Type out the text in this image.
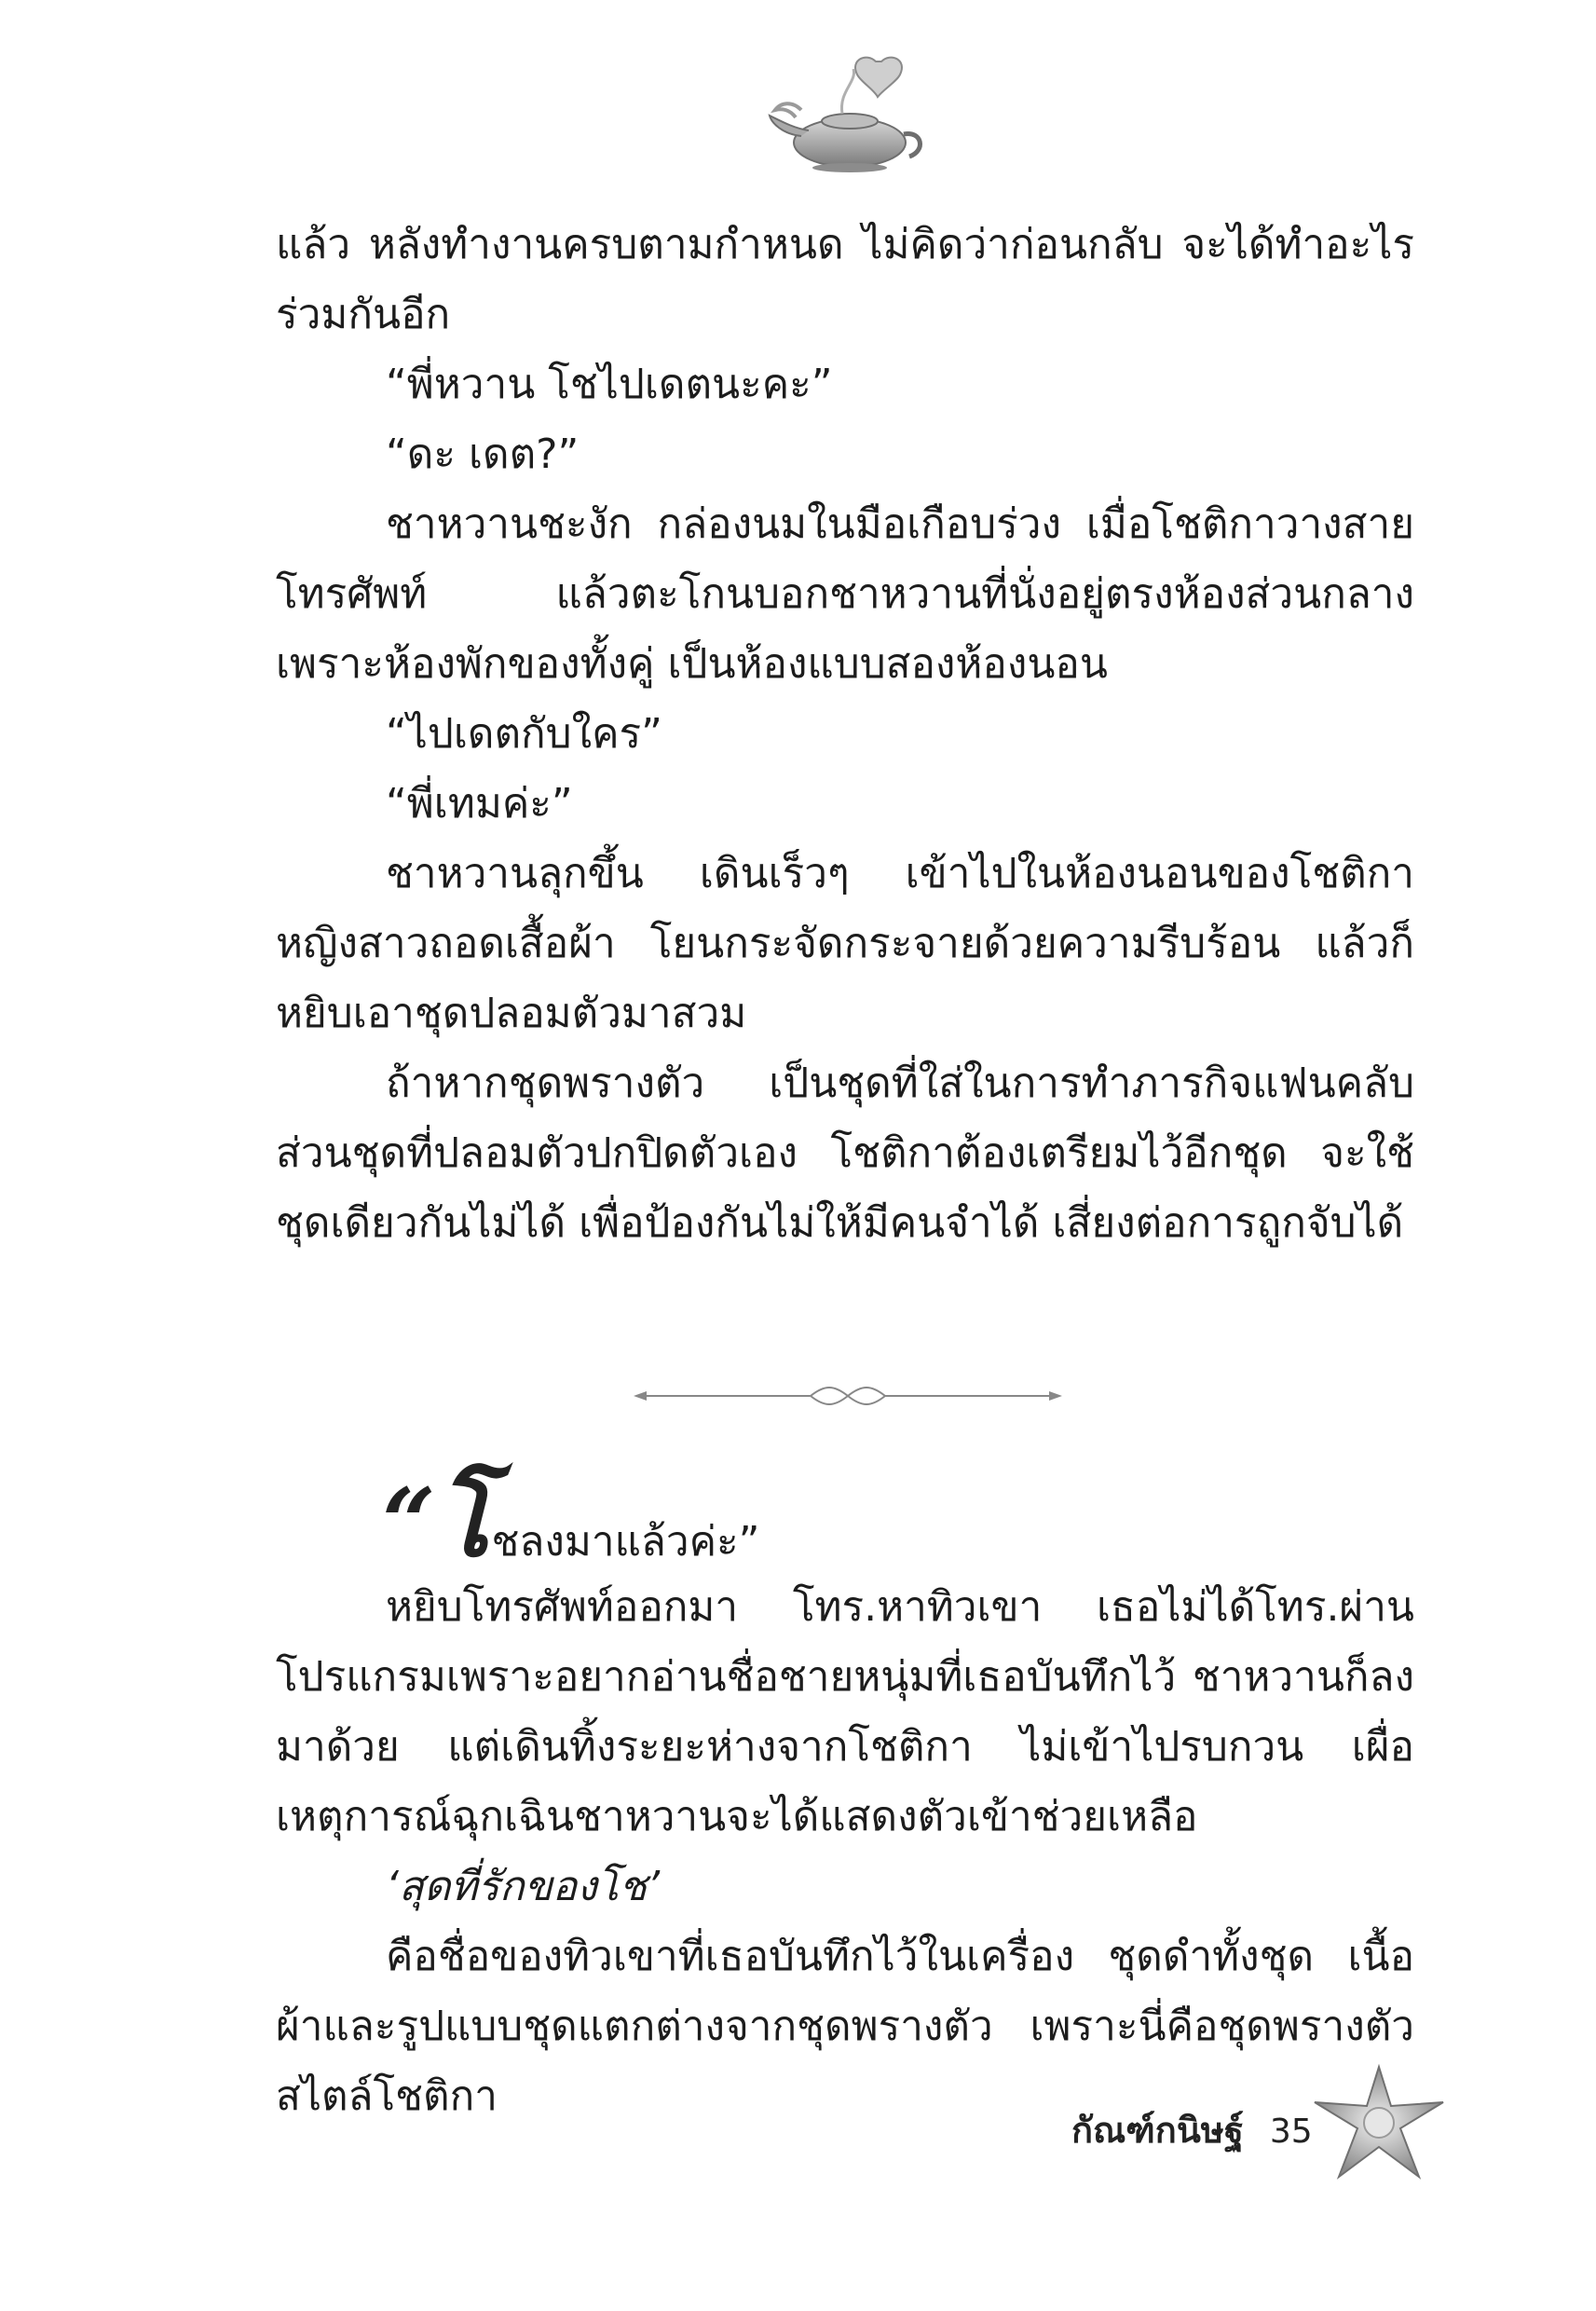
แล้ว หลังทำงานครบตามกำหนด ไม่คิดว่าก่อนกลับ จะได้ทำอะไรร่วมกันอีก

“พี่หวาน โชไปเดตนะคะ”

“ดะ เดต?”

ชาหวานชะงัก กล่องนมในมือเกือบร่วง เมื่อโชติกาวางสายโทรศัพท์ แล้วตะโกนบอกชาหวานที่นั่งอยู่ตรงห้องส่วนกลาง เพราะห้องพักของทั้งคู่ เป็นห้องแบบสองห้องนอน

“ไปเดตกับใคร”

“พี่เทมค่ะ”

ชาหวานลุกขึ้น เดินเร็วๆ เข้าไปในห้องนอนของโชติกา หญิงสาวถอดเสื้อผ้า โยนกระจัดกระจายด้วยความรีบร้อน แล้วก็หยิบเอาชุดปลอมตัวมาสวม

ถ้าหากชุดพรางตัว เป็นชุดที่ใส่ในการทำภารกิจแฟนคลับ ส่วนชุดที่ปลอมตัวปกปิดตัวเอง โชติกาต้องเตรียมไว้อีกชุด จะใช้ชุดเดียวกันไม่ได้ เพื่อป้องกันไม่ให้มีคนจำได้ เสี่ยงต่อการถูกจับได้

“โชลงมาแล้วค่ะ”

หยิบโทรศัพท์ออกมา โทร.หาทิวเขา เธอไม่ได้โทร.ผ่านโปรแกรมเพราะอยากอ่านชื่อชายหนุ่มที่เธอบันทึกไว้ ชาหวานก็ลงมาด้วย แต่เดินทิ้งระยะห่างจากโชติกา ไม่เข้าไปรบกวน เผื่อเหตุการณ์ฉุกเฉินชาหวานจะได้แสดงตัวเข้าช่วยเหลือ

‘สุดที่รักของโช’

คือชื่อของทิวเขาที่เธอบันทึกไว้ในเครื่อง ชุดดำทั้งชุด เนื้อผ้าและรูปแบบชุดแตกต่างจากชุดพรางตัว เพราะนี่คือชุดพรางตัวสไตล์โชติกา

กัณฑ์กนิษฐ์ 35
